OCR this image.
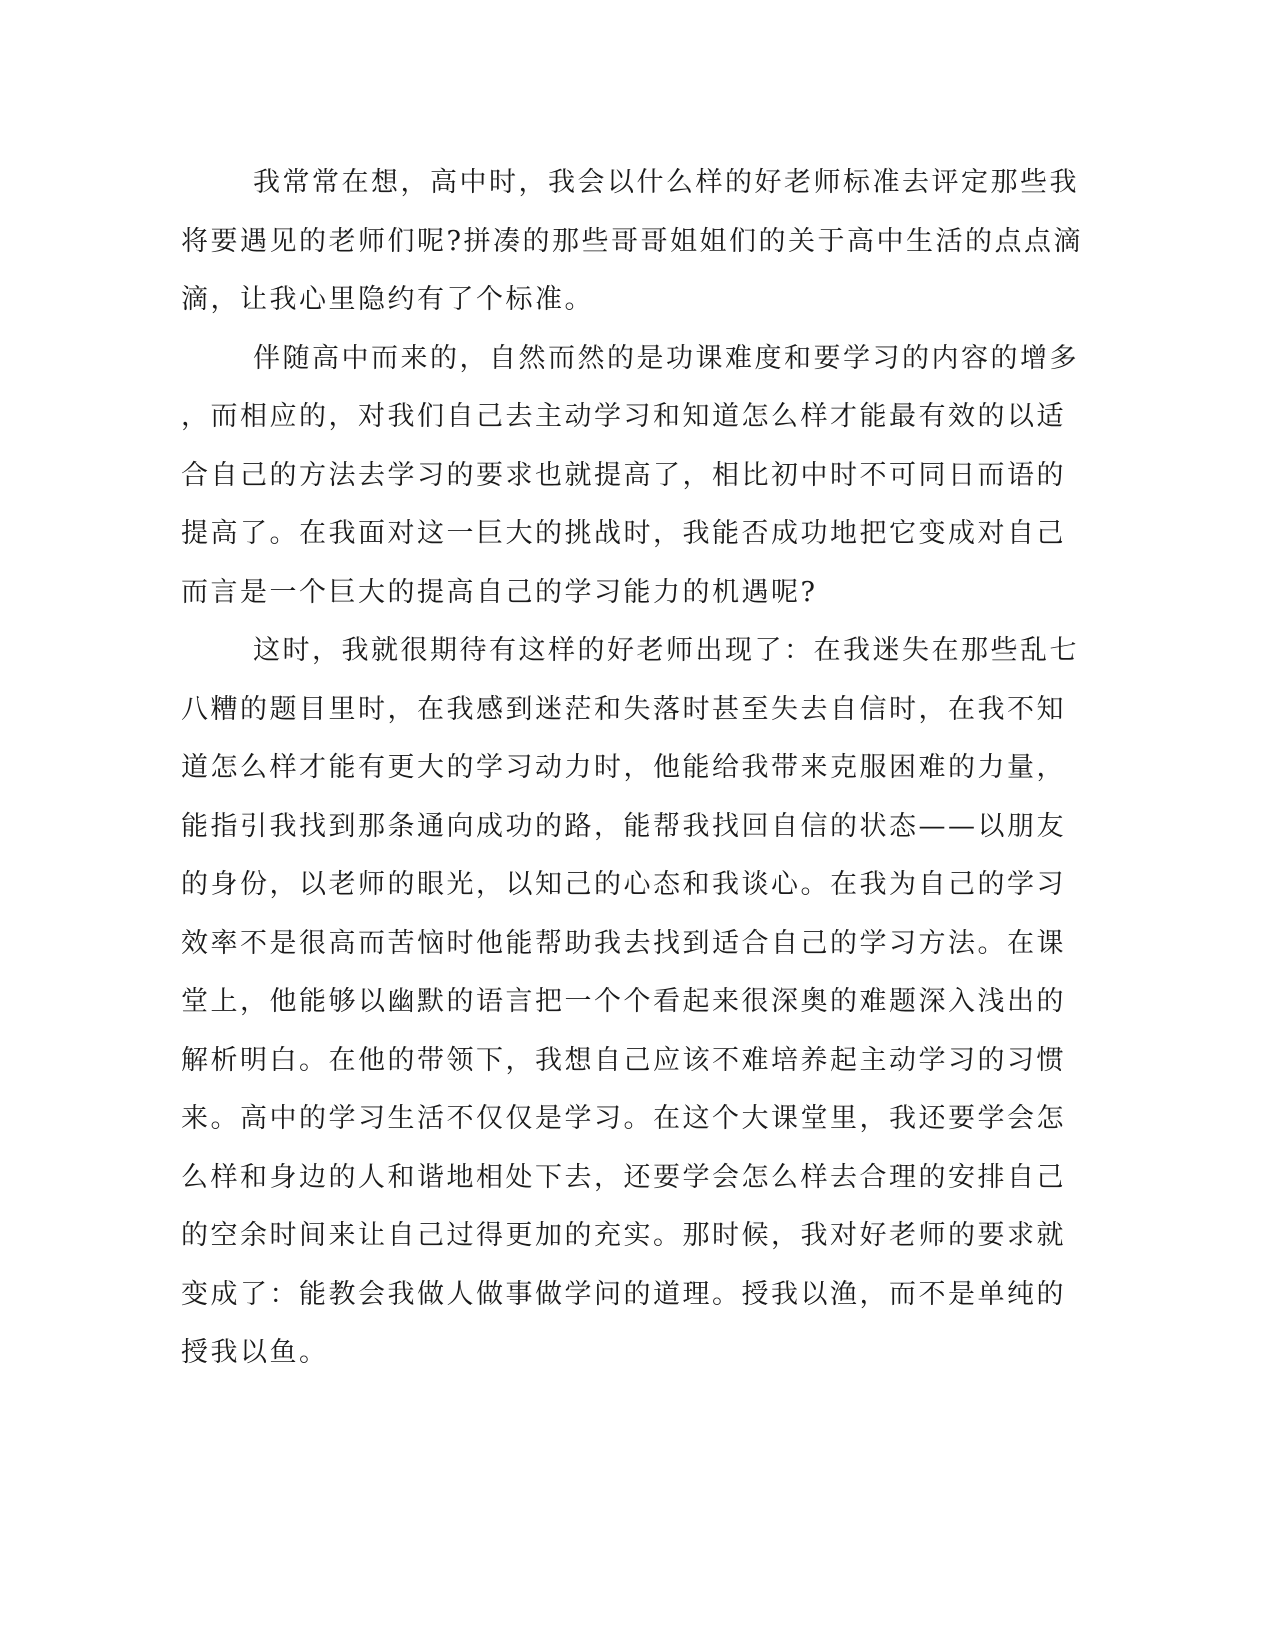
我常常在想，高中时，我会以什么样的好老师标准去评定那些我
将要遇见的老师们呢?拼凑的那些哥哥姐姐们的关于高中生活的点点滴
滴，让我心里隐约有了个标准。
伴随高中而来的，自然而然的是功课难度和要学习的内容的增多
，而相应的，对我们自己去主动学习和知道怎么样才能最有效的以适
合自己的方法去学习的要求也就提高了，相比初中时不可同日而语的
提高了。在我面对这一巨大的挑战时，我能否成功地把它变成对自己
而言是一个巨大的提高自己的学习能力的机遇呢?
这时，我就很期待有这样的好老师出现了：在我迷失在那些乱七
八糟的题目里时，在我感到迷茫和失落时甚至失去自信时，在我不知
道怎么样才能有更大的学习动力时，他能给我带来克服困难的力量，
能指引我找到那条通向成功的路，能帮我找回自信的状态——以朋友
的身份，以老师的眼光，以知己的心态和我谈心。在我为自己的学习
效率不是很高而苦恼时他能帮助我去找到适合自己的学习方法。在课
堂上，他能够以幽默的语言把一个个看起来很深奥的难题深入浅出的
解析明白。在他的带领下，我想自己应该不难培养起主动学习的习惯
来。高中的学习生活不仅仅是学习。在这个大课堂里，我还要学会怎
么样和身边的人和谐地相处下去，还要学会怎么样去合理的安排自己
的空余时间来让自己过得更加的充实。那时候，我对好老师的要求就
变成了：能教会我做人做事做学问的道理。授我以渔，而不是单纯的
授我以鱼。
